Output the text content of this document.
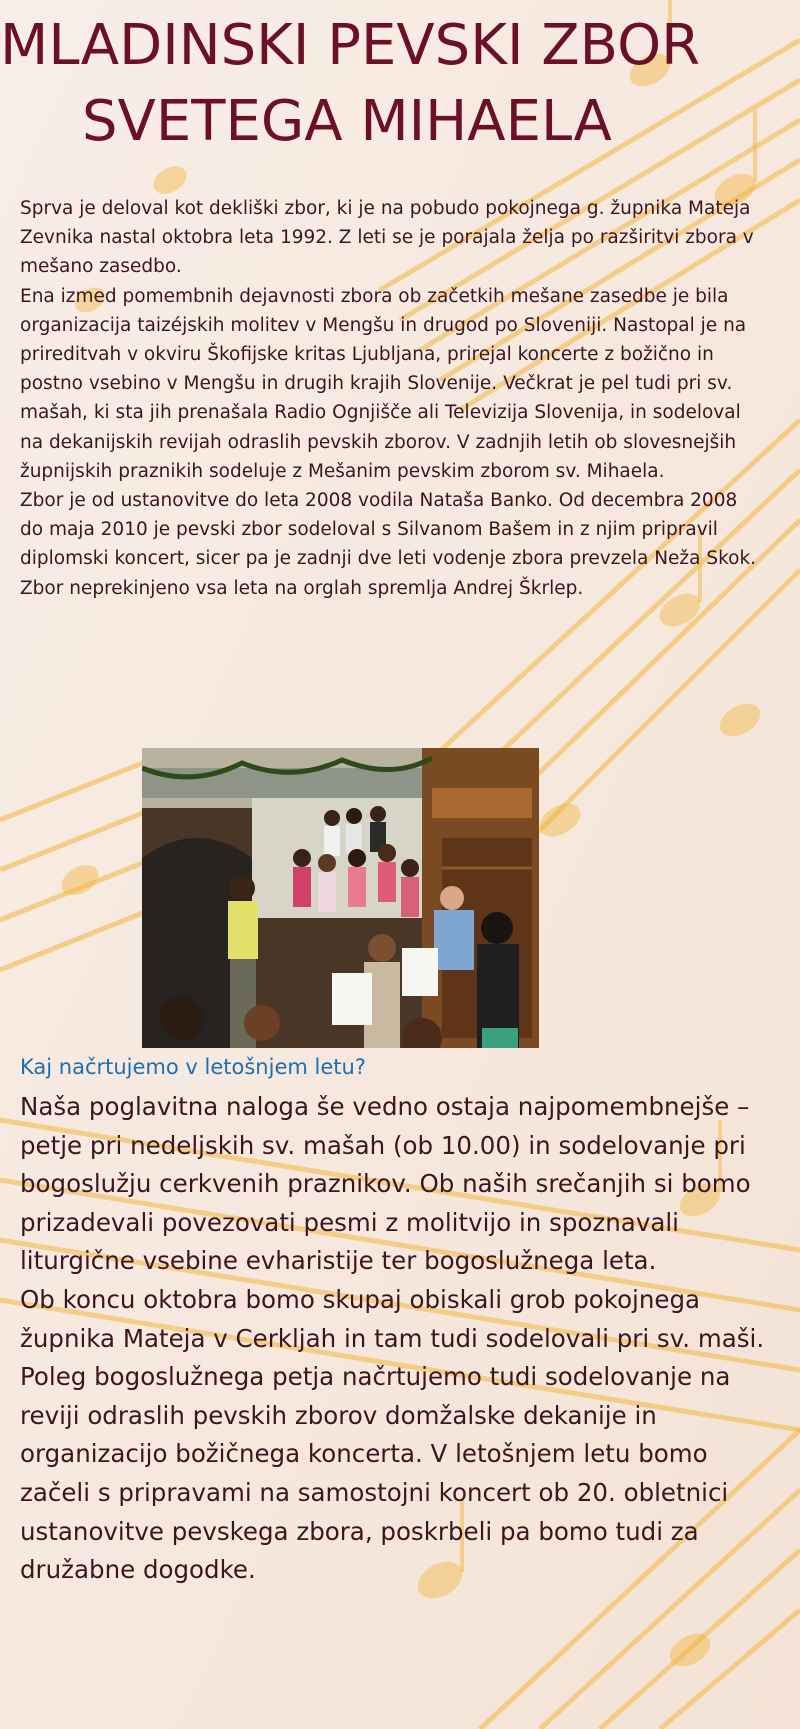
MLADINSKI PEVSKI ZBOR
SVETEGA MIHAELA

Sprva je deloval kot dekliški zbor, ki je na pobudo pokojnega g. župnika Mateja Zevnika nastal oktobra leta 1992. Z leti se je porajala želja po razširitvi zbora v mešano zasedbo.

Ena izmed pomembnih dejavnosti zbora ob začetkih mešane zasedbe je bila organizacija taizéjskih molitev v Mengšu in drugod po Sloveniji. Nastopal je na prireditvah v okviru Škofijske kritas Ljubljana, prirejal koncerte z božično in postno vsebino v Mengšu in drugih krajih Slovenije. Večkrat je pel tudi pri sv. mašah, ki sta jih prenašala Radio Ognjišče ali Televizija Slovenija, in sodeloval na dekanijskih revijah odraslih pevskih zborov. V zadnjih letih ob slovesnejših župnijskih praznikih sodeluje z Mešanim pevskim zborom sv. Mihaela.

Zbor je od ustanovitve do leta 2008 vodila Nataša Banko. Od decembra 2008 do maja 2010 je pevski zbor sodeloval s Silvanom Bašem in z njim pripravil diplomski koncert, sicer pa je zadnji dve leti vodenje zbora prevzela Neža Skok. Zbor neprekinjeno vsa leta na orglah spremlja Andrej Škrlep.

Kaj načrtujemo v letošnjem letu?

Naša poglavitna naloga še vedno ostaja najpomembnejše – petje pri nedeljskih sv. mašah (ob 10.00) in sodelovanje pri bogoslužju cerkvenih praznikov. Ob naših srečanjih si bomo prizadevali povezovati pesmi z molitvijo in spoznavali liturgične vsebine evharistije ter bogoslužnega leta.

Ob koncu oktobra bomo skupaj obiskali grob pokojnega župnika Mateja v Cerkljah in tam tudi sodelovali pri sv. maši.

Poleg bogoslužnega petja načrtujemo tudi sodelovanje na reviji odraslih pevskih zborov domžalske dekanije in organizacijo božičnega koncerta. V letošnjem letu bomo začeli s pripravami na samostojni koncert ob 20. obletnici ustanovitve pevskega zbora, poskrbeli pa bomo tudi za družabne dogodke.
